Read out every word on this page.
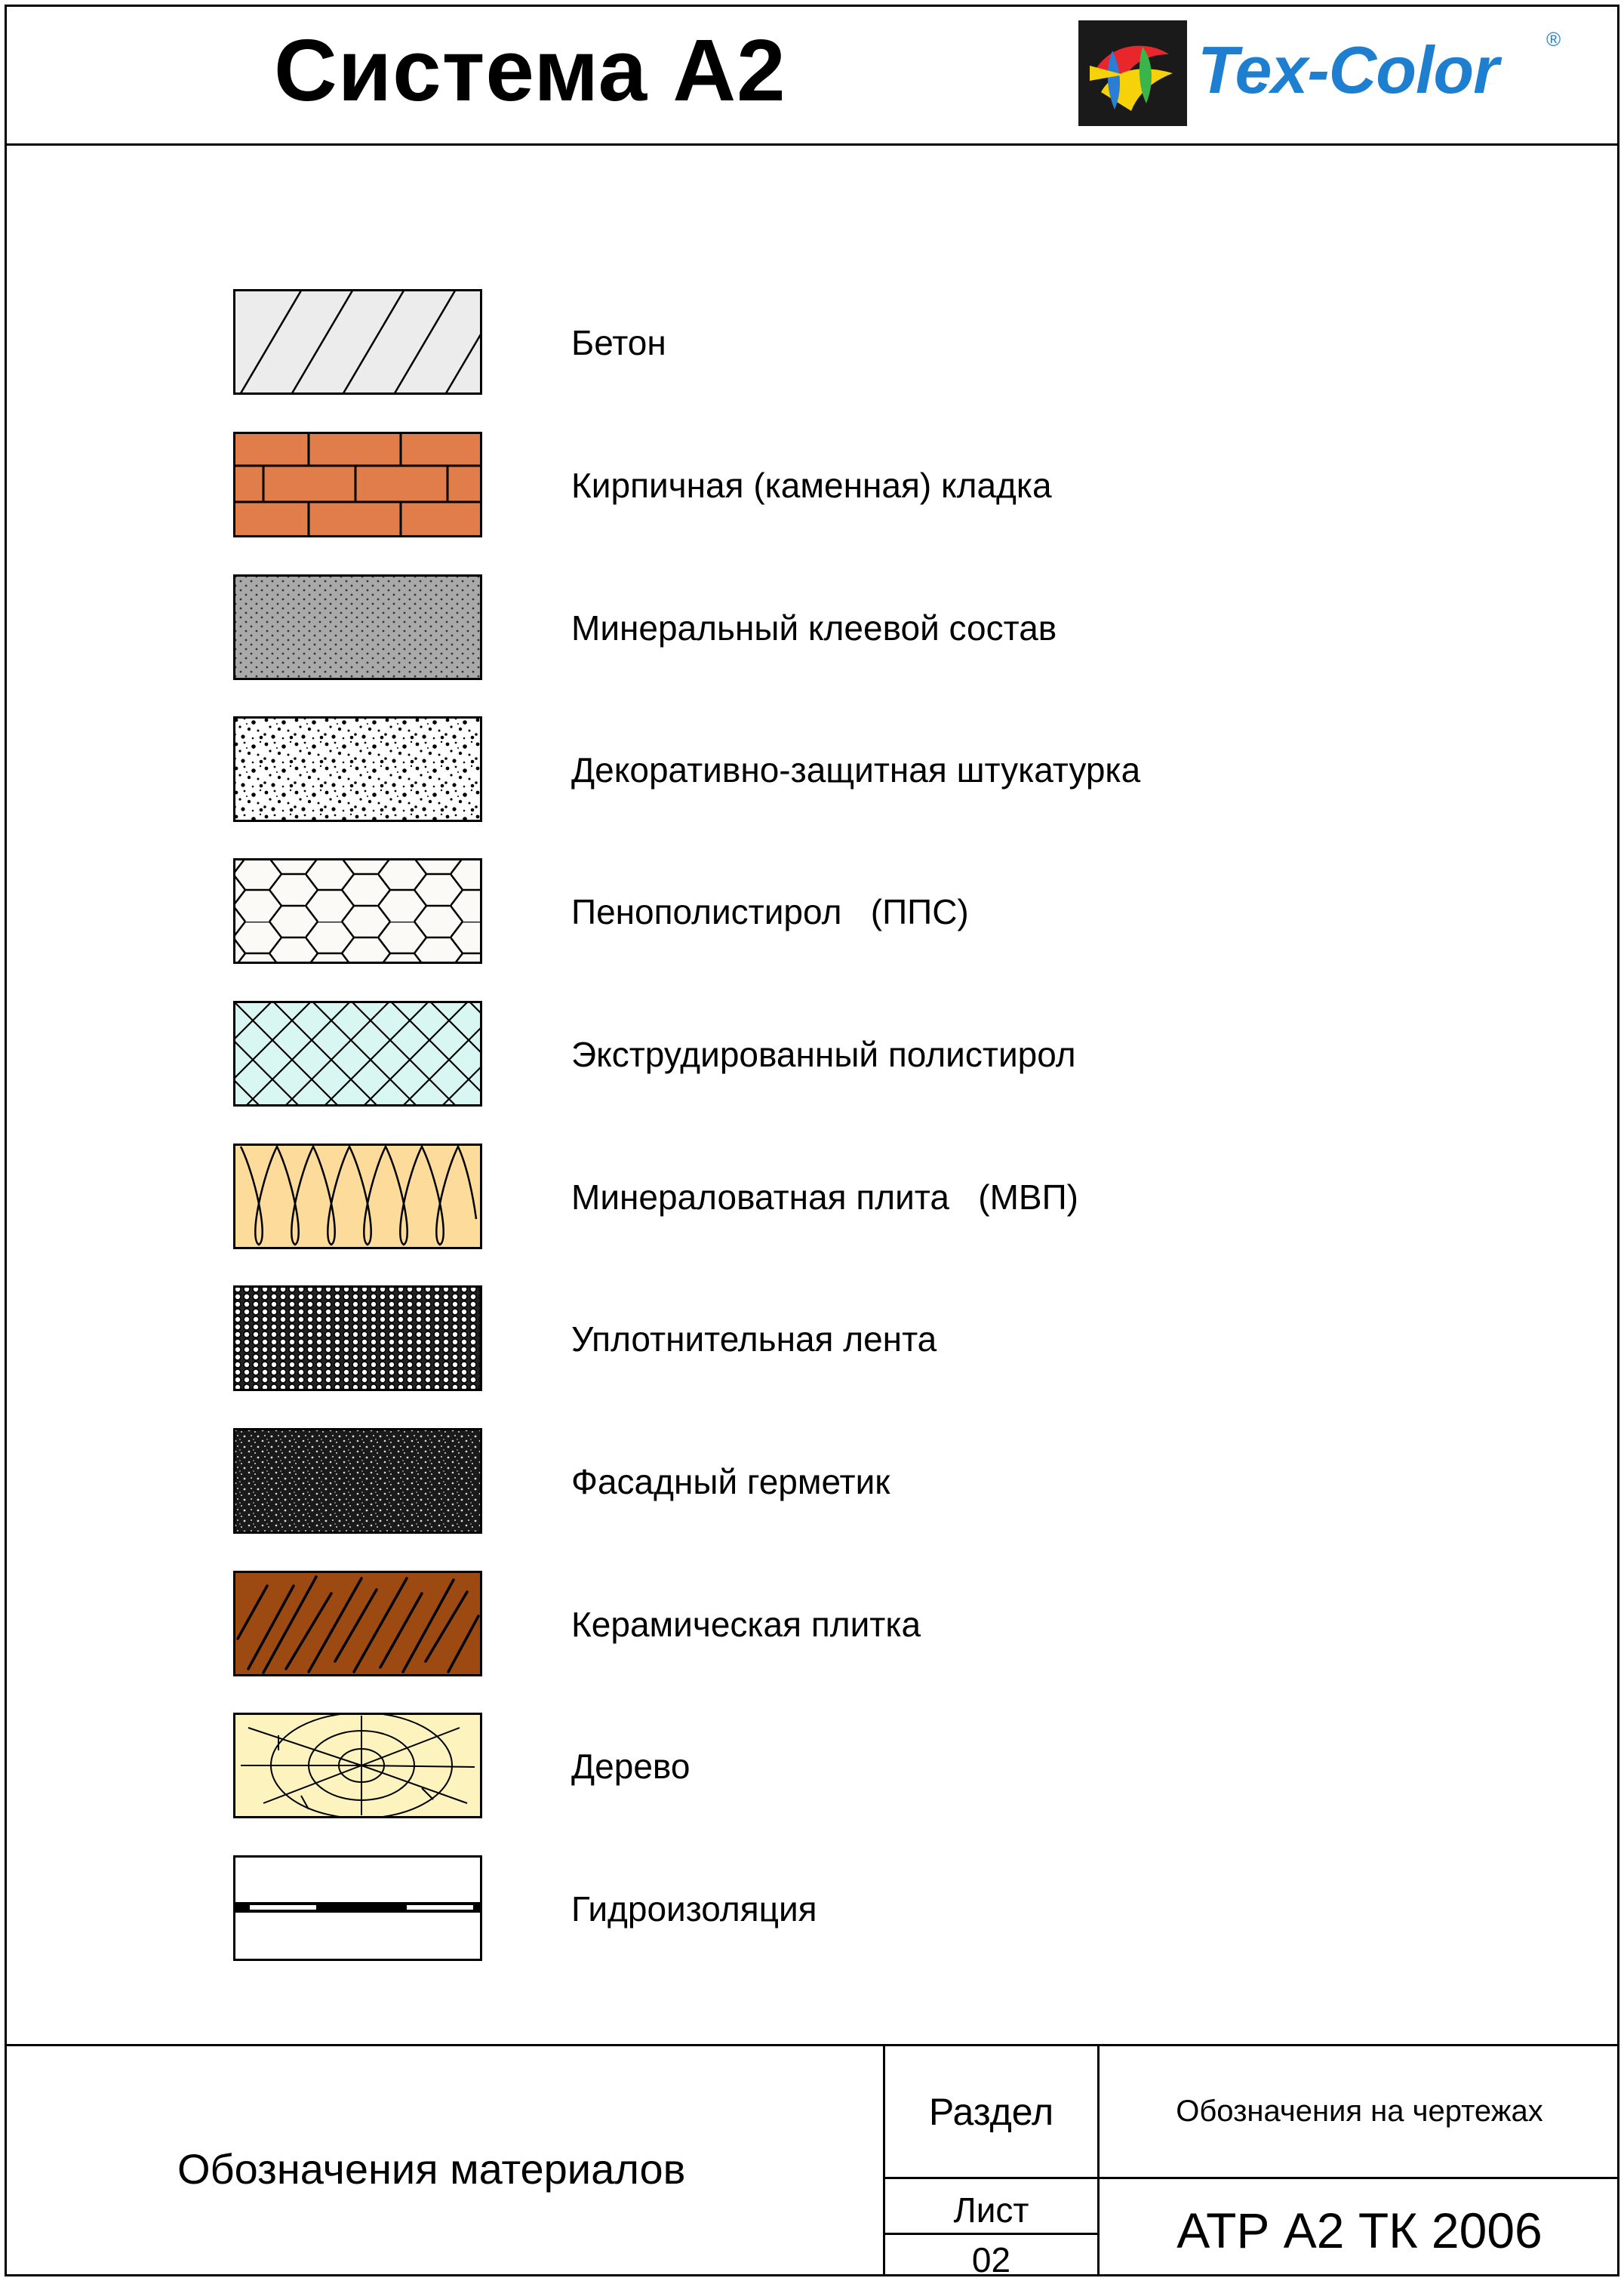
Система А2	Tex-Color ®
Бетон
Кирпичная (каменная) кладка
Минеральный клеевой состав
Декоративно-защитная штукатурка
Пенополистирол   (ППС)
Экструдированный полистирол
Минераловатная плита   (МВП)
Уплотнительная лента
Фасадный герметик
Керамическая плитка
Дерево
Гидроизоляция
Обозначения материалов
Раздел	Обозначения на чертежах
Лист
02
АТР А2 ТК 2006
